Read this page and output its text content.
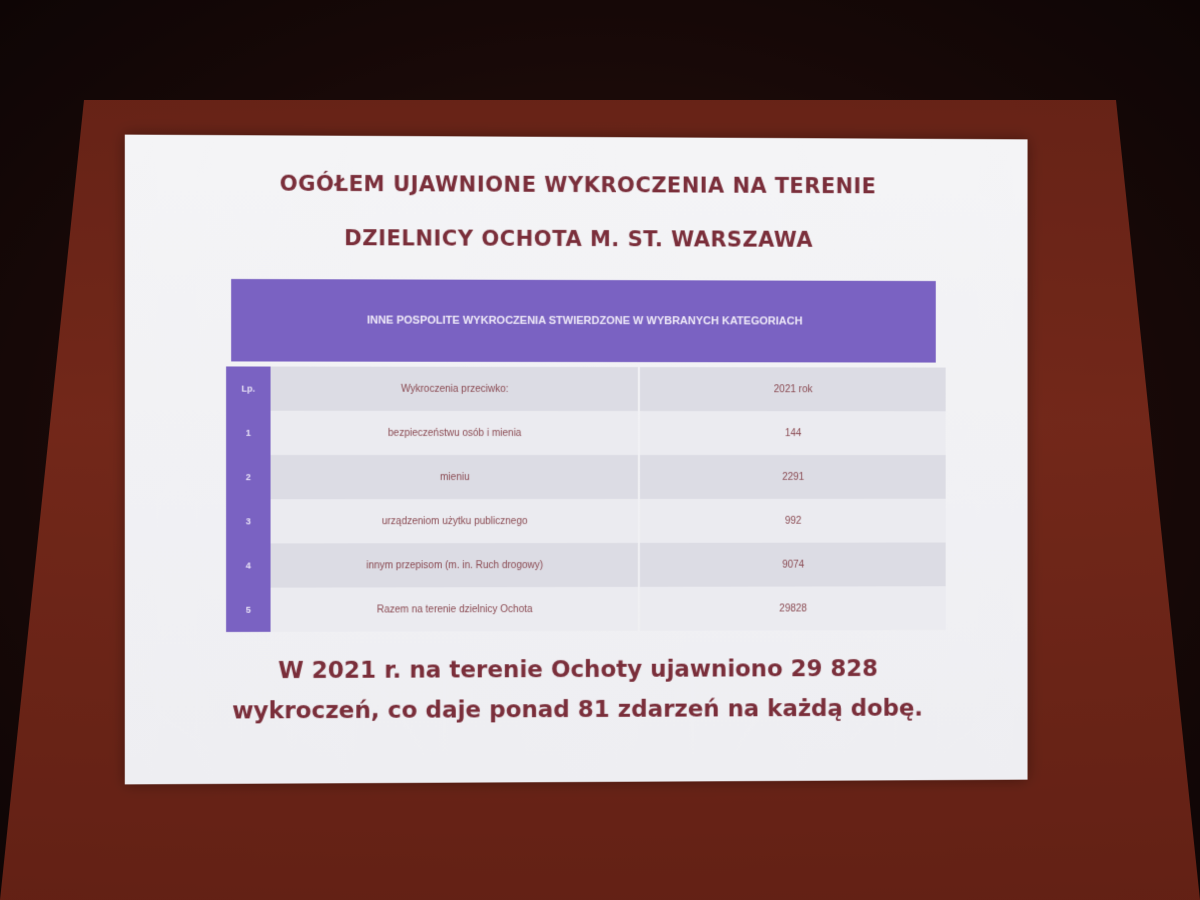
OGÓŁEM UJAWNIONE WYKROCZENIA NA TERENIE
DZIELNICY OCHOTA M. ST. WARSZAWA
INNE POSPOLITE WYKROCZENIA STWIERDZONE W WYBRANYCH KATEGORIACH
Lp.	Wykroczenia przeciwko:	2021 rok
1	bezpieczeństwu osób i mienia	144
2	mieniu	2291
3	urządzeniom użytku publicznego	992
4	innym przepisom (m. in. Ruch drogowy)	9074
5	Razem na terenie dzielnicy Ochota	29828
W 2021 r. na terenie Ochoty ujawniono 29 828
wykroczeń, co daje ponad 81 zdarzeń na każdą dobę.
